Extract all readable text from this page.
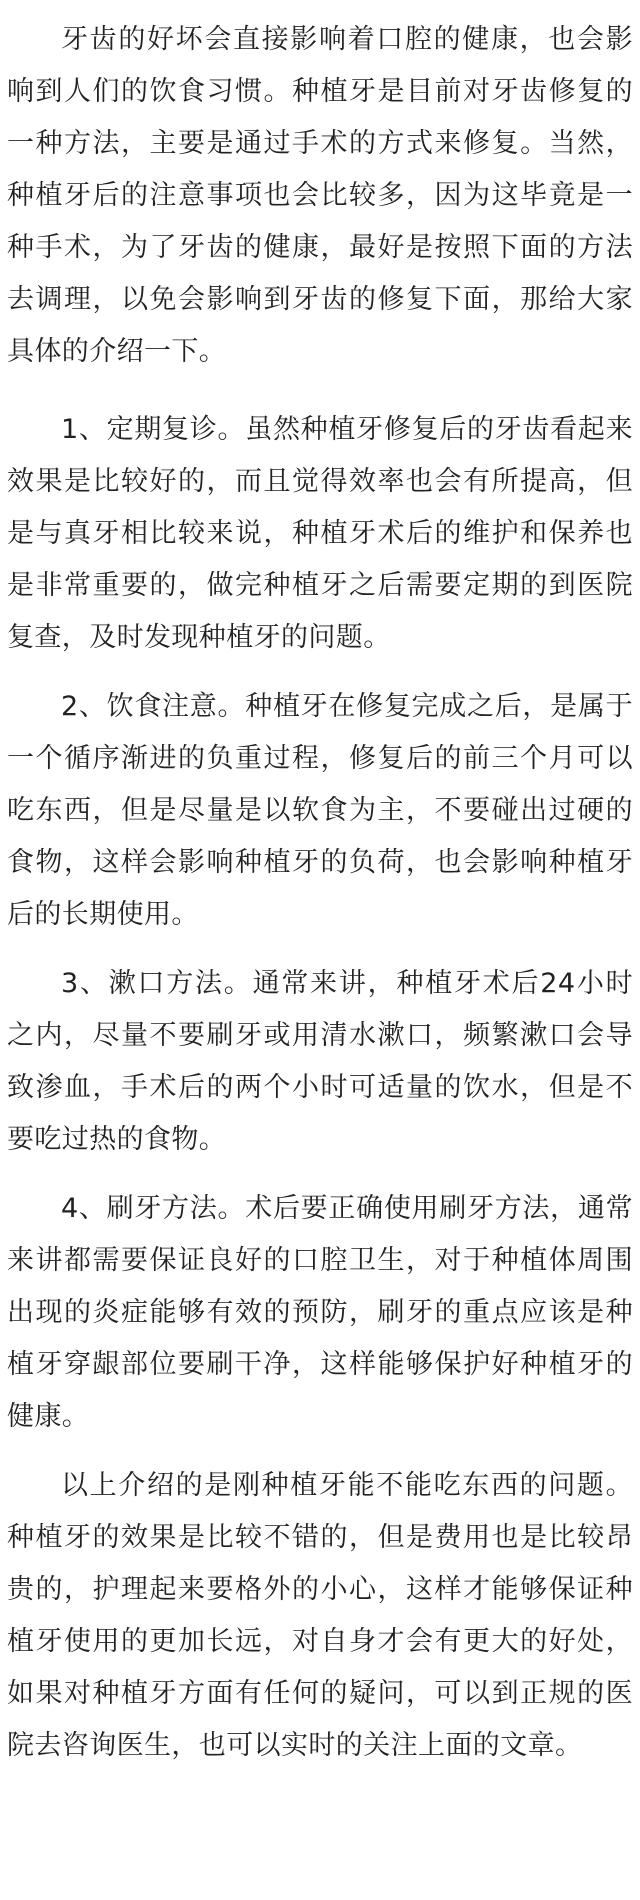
牙齿的好坏会直接影响着口腔的健康，也会影响到人们的饮食习惯。种植牙是目前对牙齿修复的一种方法，主要是通过手术的方式来修复。当然，种植牙后的注意事项也会比较多，因为这毕竟是一种手术，为了牙齿的健康，最好是按照下面的方法去调理，以免会影响到牙齿的修复下面，那给大家具体的介绍一下。

1、定期复诊。虽然种植牙修复后的牙齿看起来效果是比较好的，而且觉得效率也会有所提高，但是与真牙相比较来说，种植牙术后的维护和保养也是非常重要的，做完种植牙之后需要定期的到医院复查，及时发现种植牙的问题。

2、饮食注意。种植牙在修复完成之后，是属于一个循序渐进的负重过程，修复后的前三个月可以吃东西，但是尽量是以软食为主，不要碰出过硬的食物，这样会影响种植牙的负荷，也会影响种植牙后的长期使用。

3、漱口方法。通常来讲，种植牙术后24小时之内，尽量不要刷牙或用清水漱口，频繁漱口会导致渗血，手术后的两个小时可适量的饮水，但是不要吃过热的食物。

4、刷牙方法。术后要正确使用刷牙方法，通常来讲都需要保证良好的口腔卫生，对于种植体周围出现的炎症能够有效的预防，刷牙的重点应该是种植牙穿龈部位要刷干净，这样能够保护好种植牙的健康。

以上介绍的是刚种植牙能不能吃东西的问题。种植牙的效果是比较不错的，但是费用也是比较昂贵的，护理起来要格外的小心，这样才能够保证种植牙使用的更加长远，对自身才会有更大的好处，如果对种植牙方面有任何的疑问，可以到正规的医院去咨询医生，也可以实时的关注上面的文章。
